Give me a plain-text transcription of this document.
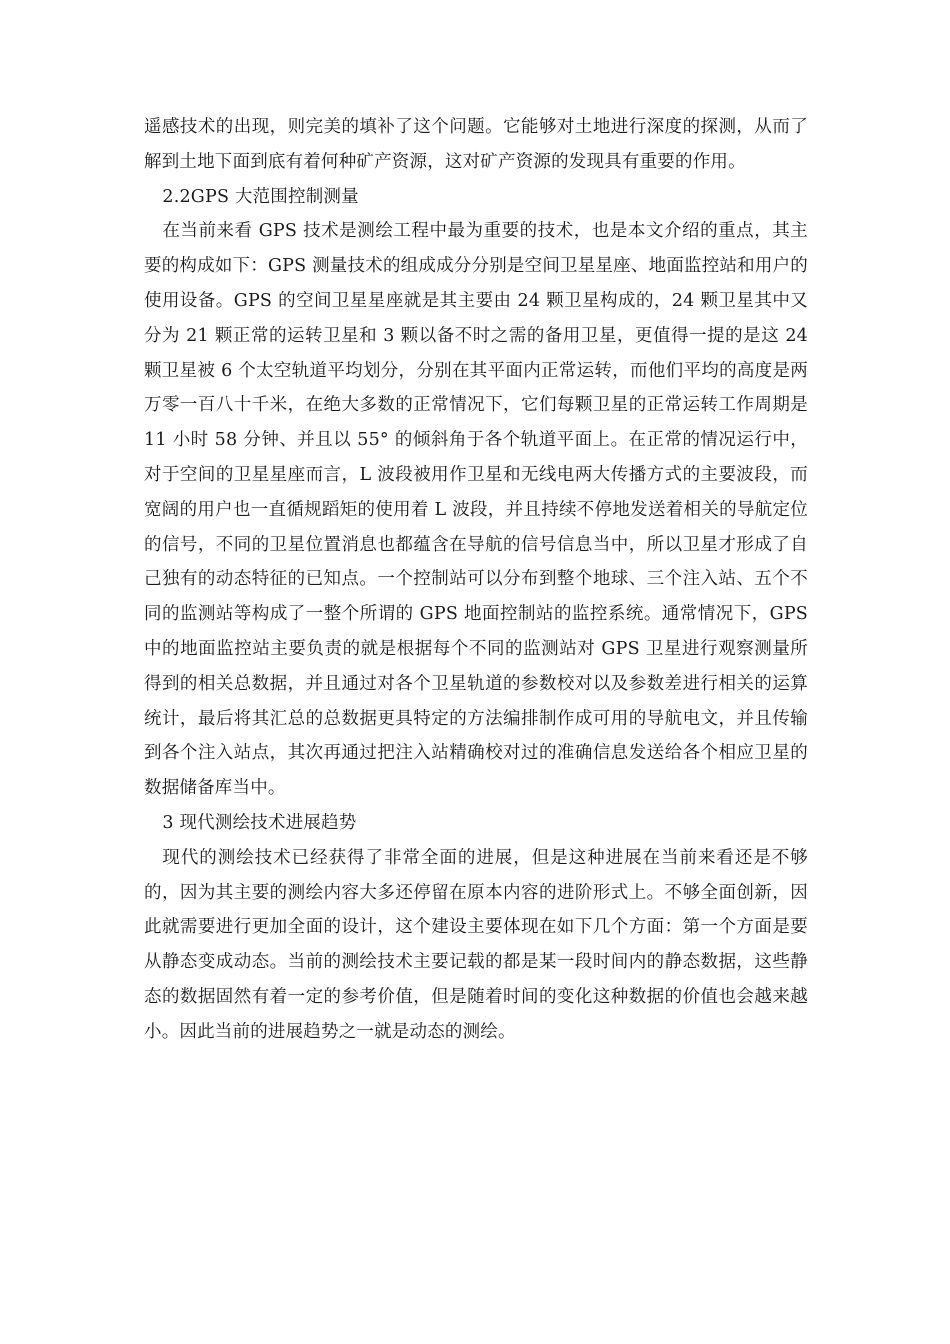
遥感技术的出现，则完美的填补了这个问题。它能够对土地进行深度的探测，从而了解到土地下面到底有着何种矿产资源，这对矿产资源的发现具有重要的作用。

2.2GPS 大范围控制测量

在当前来看 GPS 技术是测绘工程中最为重要的技术，也是本文介绍的重点，其主要的构成如下：GPS 测量技术的组成成分分别是空间卫星星座、地面监控站和用户的使用设备。GPS 的空间卫星星座就是其主要由 24 颗卫星构成的，24 颗卫星其中又分为 21 颗正常的运转卫星和 3 颗以备不时之需的备用卫星，更值得一提的是这 24 颗卫星被 6 个太空轨道平均划分，分别在其平面内正常运转，而他们平均的高度是两万零一百八十千米，在绝大多数的正常情况下，它们每颗卫星的正常运转工作周期是 11 小时 58 分钟、并且以 55° 的倾斜角于各个轨道平面上。在正常的情况运行中，对于空间的卫星星座而言，L 波段被用作卫星和无线电两大传播方式的主要波段，而宽阔的用户也一直循规蹈矩的使用着 L 波段，并且持续不停地发送着相关的导航定位的信号，不同的卫星位置消息也都蕴含在导航的信号信息当中，所以卫星才形成了自己独有的动态特征的已知点。一个控制站可以分布到整个地球、三个注入站、五个不同的监测站等构成了一整个所谓的 GPS 地面控制站的监控系统。通常情况下，GPS 中的地面监控站主要负责的就是根据每个不同的监测站对 GPS 卫星进行观察测量所得到的相关总数据，并且通过对各个卫星轨道的参数校对以及参数差进行相关的运算统计，最后将其汇总的总数据更具特定的方法编排制作成可用的导航电文，并且传输到各个注入站点，其次再通过把注入站精确校对过的准确信息发送给各个相应卫星的数据储备库当中。

3 现代测绘技术进展趋势

现代的测绘技术已经获得了非常全面的进展，但是这种进展在当前来看还是不够的，因为其主要的测绘内容大多还停留在原本内容的进阶形式上。不够全面创新，因此就需要进行更加全面的设计，这个建设主要体现在如下几个方面：第一个方面是要从静态变成动态。当前的测绘技术主要记载的都是某一段时间内的静态数据，这些静态的数据固然有着一定的参考价值，但是随着时间的变化这种数据的价值也会越来越小。因此当前的进展趋势之一就是动态的测绘。
